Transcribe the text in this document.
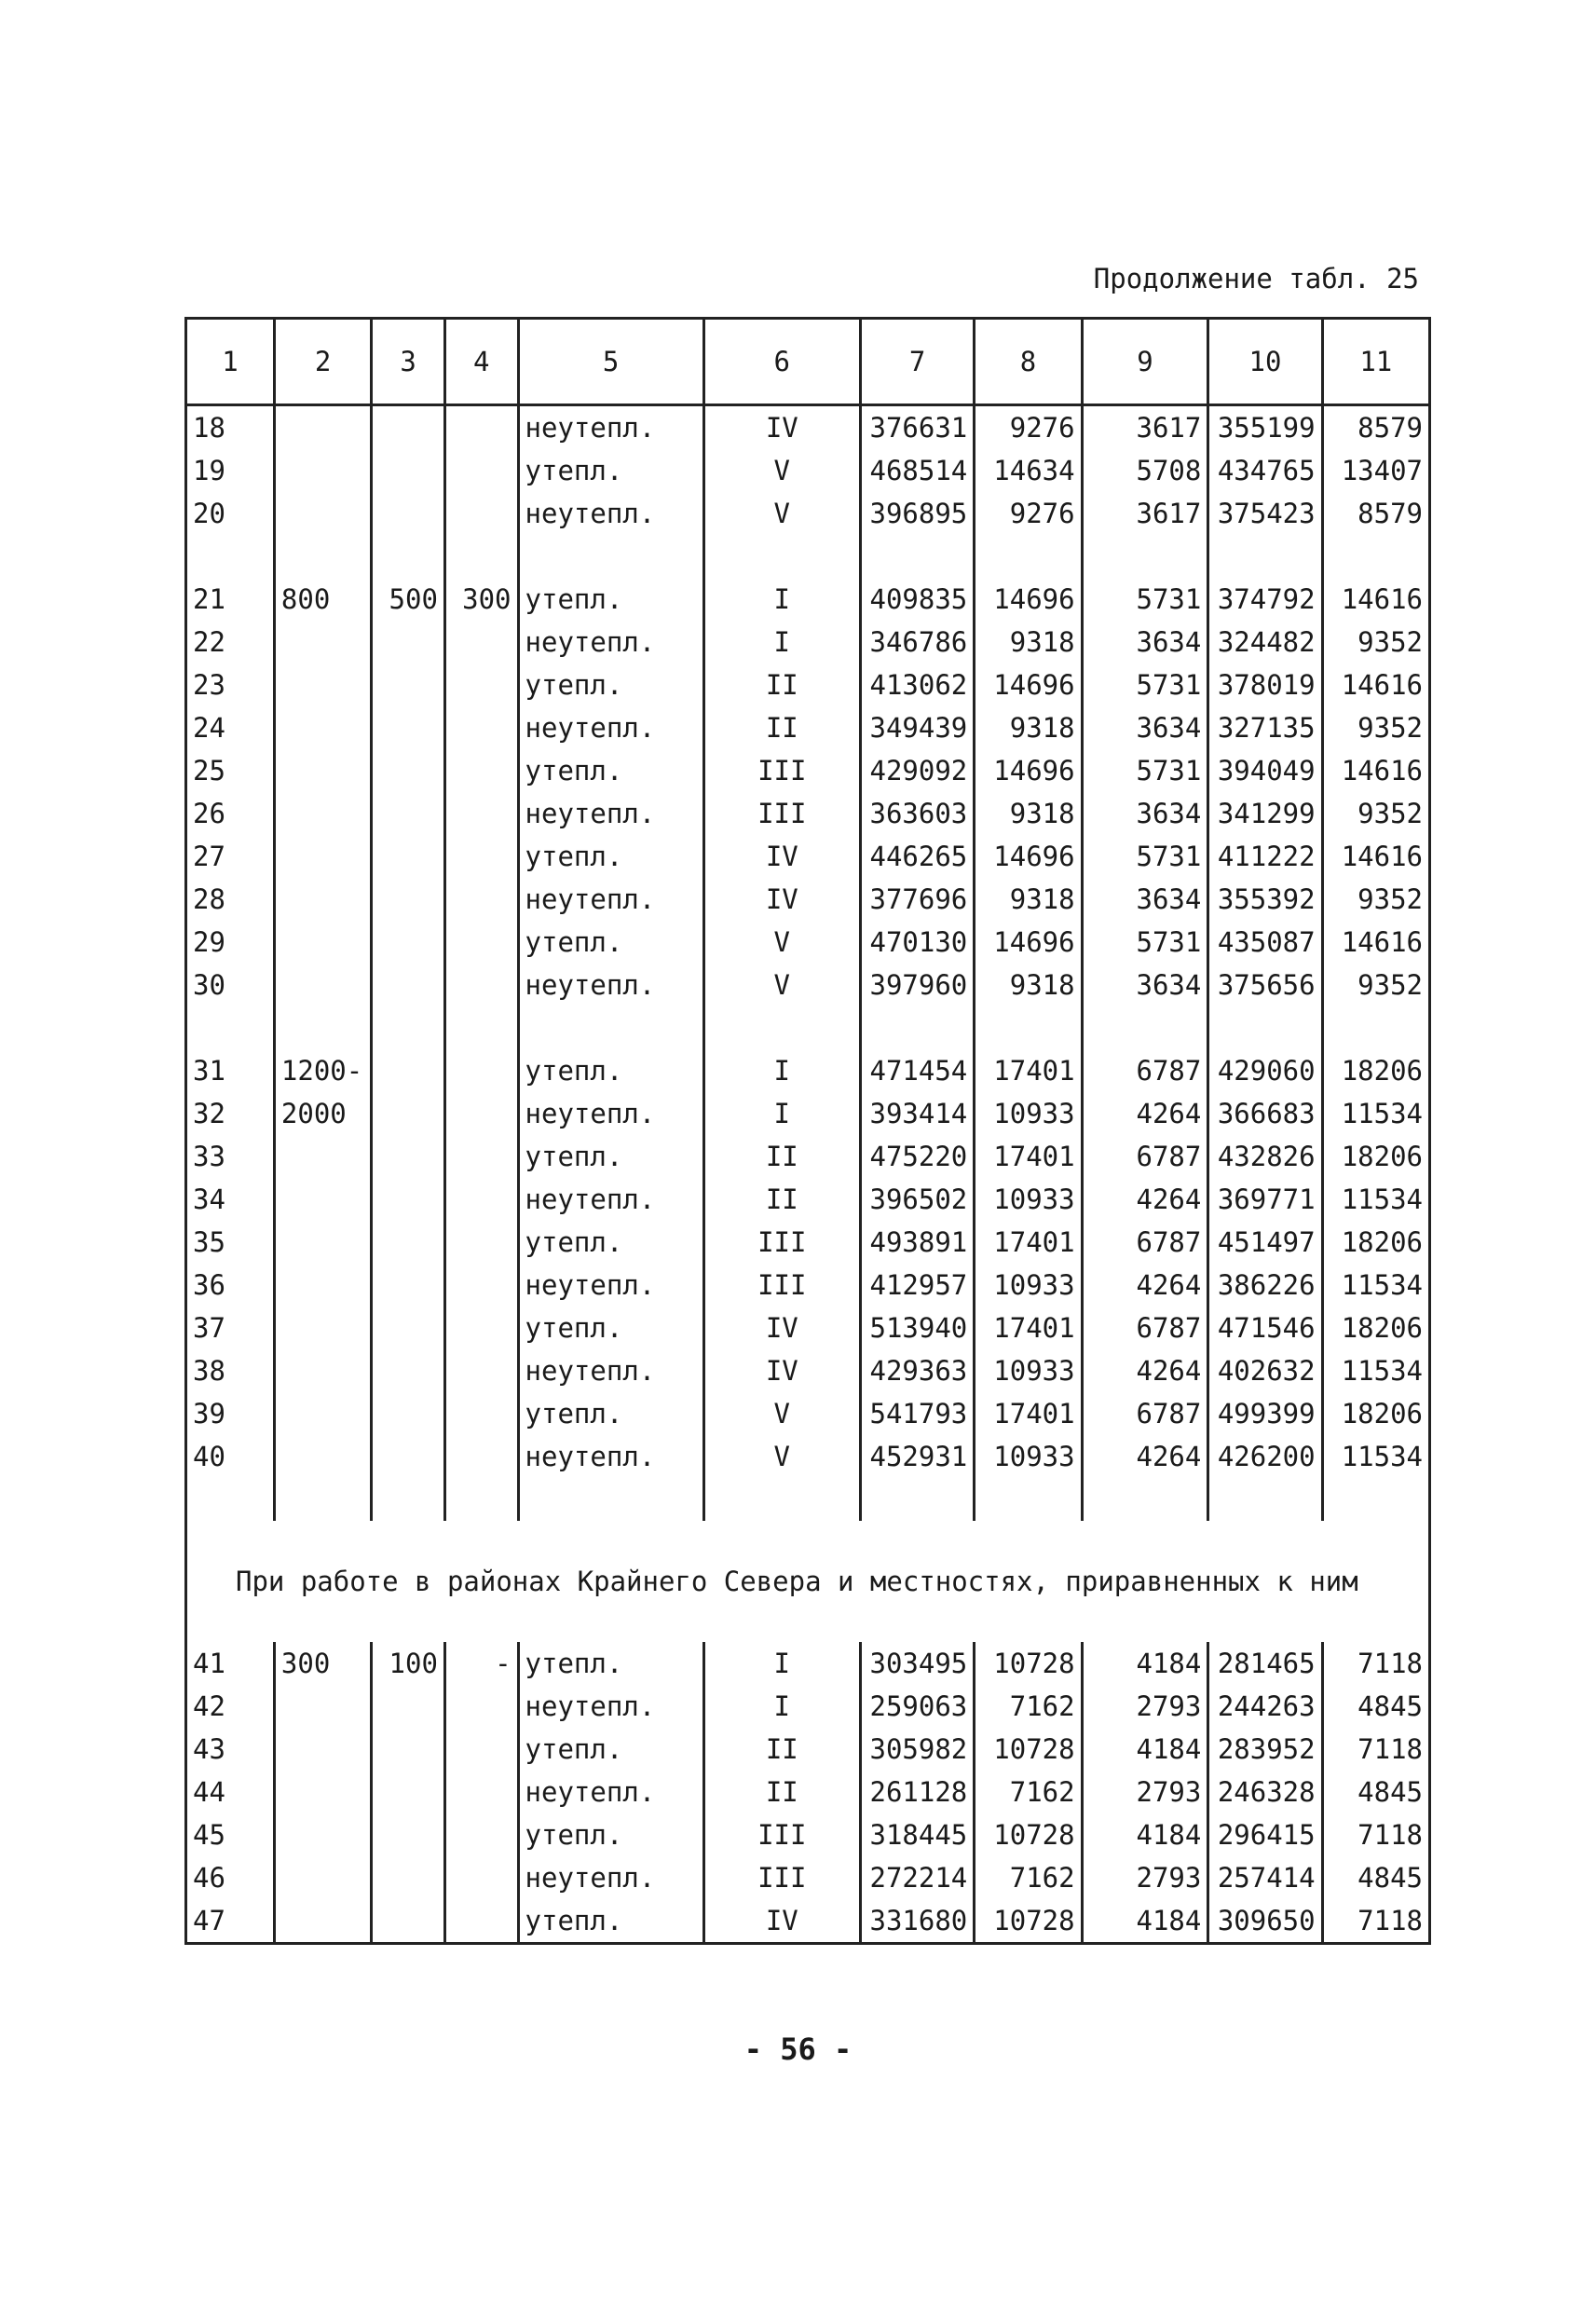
Продолжение табл. 25
1	2	3	4	5	6	7	8	9	10	11
18				неутепл.	IV	376631	9276	3617	355199	8579
19				утепл.	V	468514	14634	5708	434765	13407
20				неутепл.	V	396895	9276	3617	375423	8579

21	800	500	300	утепл.	I	409835	14696	5731	374792	14616
22				неутепл.	I	346786	9318	3634	324482	9352
23				утепл.	II	413062	14696	5731	378019	14616
24				неутепл.	II	349439	9318	3634	327135	9352
25				утепл.	III	429092	14696	5731	394049	14616
26				неутепл.	III	363603	9318	3634	341299	9352
27				утепл.	IV	446265	14696	5731	411222	14616
28				неутепл.	IV	377696	9318	3634	355392	9352
29				утепл.	V	470130	14696	5731	435087	14616
30				неутепл.	V	397960	9318	3634	375656	9352

31	1200-			утепл.	I	471454	17401	6787	429060	18206
32	2000			неутепл.	I	393414	10933	4264	366683	11534
33				утепл.	II	475220	17401	6787	432826	18206
34				неутепл.	II	396502	10933	4264	369771	11534
35				утепл.	III	493891	17401	6787	451497	18206
36				неутепл.	III	412957	10933	4264	386226	11534
37				утепл.	IV	513940	17401	6787	471546	18206
38				неутепл.	IV	429363	10933	4264	402632	11534
39				утепл.	V	541793	17401	6787	499399	18206
40				неутепл.	V	452931	10933	4264	426200	11534

При работе в районах Крайнего Севера и местностях, приравненных к ним										
41	300	100	-	утепл.	I	303495	10728	4184	281465	7118
42				неутепл.	I	259063	7162	2793	244263	4845
43				утепл.	II	305982	10728	4184	283952	7118
44				неутепл.	II	261128	7162	2793	246328	4845
45				утепл.	III	318445	10728	4184	296415	7118
46				неутепл.	III	272214	7162	2793	257414	4845
47				утепл.	IV	331680	10728	4184	309650	7118
- 56 -
